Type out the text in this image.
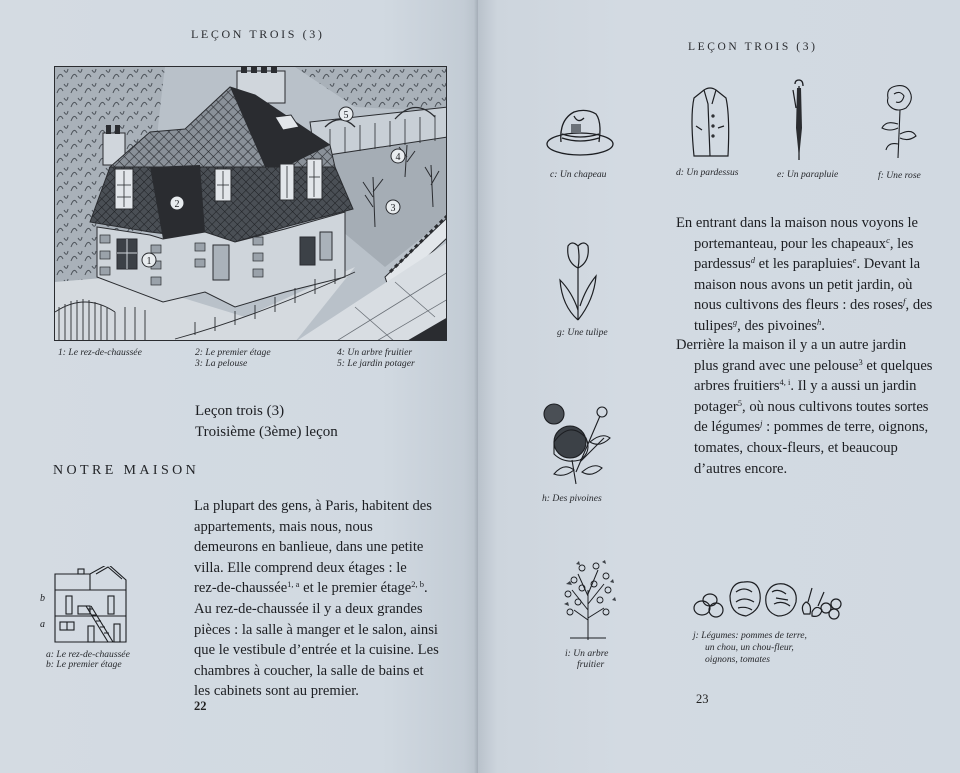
LEÇON TROIS (3)
1
2	3
4
5
1: Le rez-de-chaussée	2: Le premier étage
3: La pelouse
4: Un arbre fruitier
5: Le jardin potager
Leçon trois (3)
Troisième (3ème) leçon
NOTRE MAISON
La plupart des gens, à Paris, habitent des
appartements, mais nous, nous
demeurons en banlieue, dans une petite
villa. Elle comprend deux étages : le
rez-de-chaussée$^{1, a}$ et le premier étage$^{2, b}$.
Au rez-de-chaussée il y a deux grandes
pièces : la salle à manger et le salon, ainsi
que le vestibule d’entrée et la cuisine. Les
chambres à coucher, la salle de bains et
les cabinets sont au premier.
b
a
a: Le rez-de-chaussée
b: Le premier étage
22
LEÇON TROIS (3)
c: Un chapeau	d: Un pardessus	e: Un parapluie	f: Une rose
En entrant dans la maison nous voyons le
portemanteau, pour les chapeaux$^c$, les
pardessus$^d$ et les parapluies$^e$. Devant la
maison nous avons un petit jardin, où
nous cultivons des fleurs : des roses$^f$, des
tulipes$^g$, des pivoines$^h$.
Derrière la maison il y a un autre jardin
plus grand avec une pelouse$^3$ et quelques
arbres fruitiers$^{4, i}$. Il y a aussi un jardin
potager$^5$, où nous cultivons toutes sortes
de légumes$^j$ : pommes de terre, oignons,
tomates, choux-fleurs, et beaucoup
d’autres encore.
g: Une tulipe
h: Des pivoines
i: Un arbre
fruitier
j: Légumes: pommes de terre,
un chou, un chou-fleur,
oignons, tomates
23
